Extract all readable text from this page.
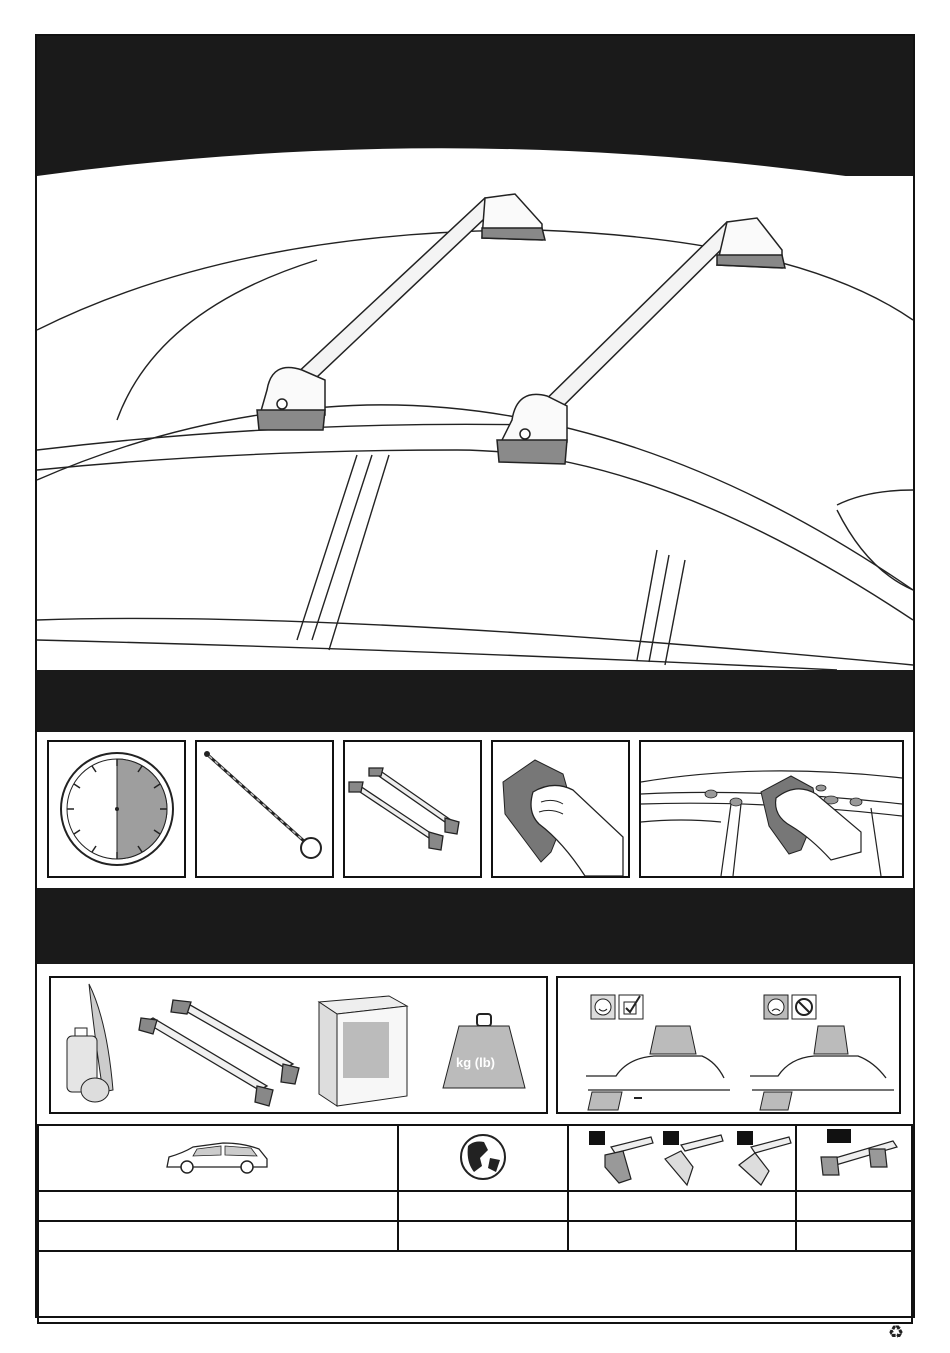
kg (lb)

♻
